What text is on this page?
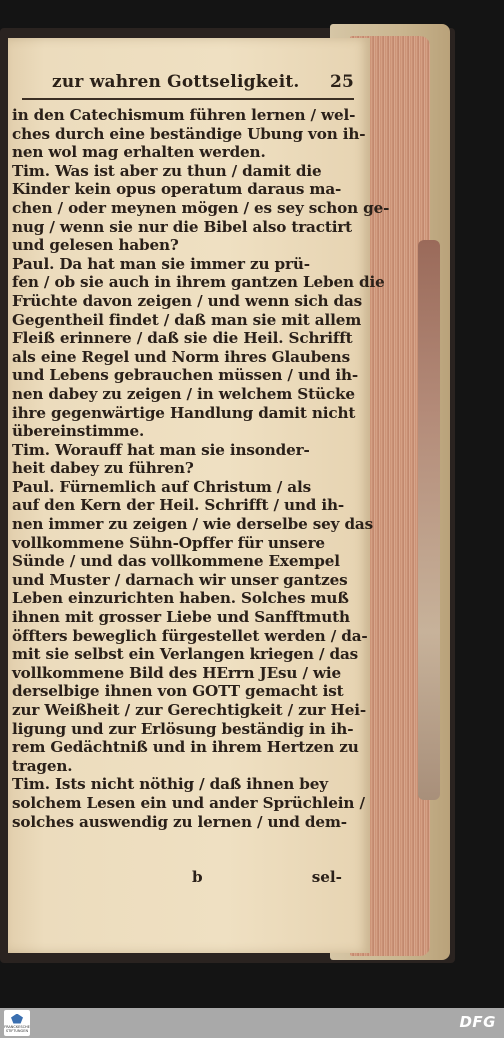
zur wahren Gottseligkeit. 25
in den Catechismum führen lernen / wel-
ches durch eine beständige Ubung von ih-
nen wol mag erhalten werden.
Tim. Was ist aber zu thun / damit die
Kinder kein opus operatum daraus ma-
chen / oder meynen mögen / es sey schon ge-
nug / wenn sie nur die Bibel also tractirt
und gelesen haben?
Paul. Da hat man sie immer zu prü-
fen / ob sie auch in ihrem gantzen Leben die
Früchte davon zeigen / und wenn sich das
Gegentheil findet / daß man sie mit allem
Fleiß erinnere / daß sie die Heil. Schrifft
als eine Regel und Norm ihres Glaubens
und Lebens gebrauchen müssen / und ih-
nen dabey zu zeigen / in welchem Stücke
ihre gegenwärtige Handlung damit nicht
übereinstimme.
Tim. Worauff hat man sie insonder-
heit dabey zu führen?
Paul. Fürnemlich auf Christum / als
auf den Kern der Heil. Schrifft / und ih-
nen immer zu zeigen / wie derselbe sey das
vollkommene Sühn-Opffer für unsere
Sünde / und das vollkommene Exempel
und Muster / darnach wir unser gantzes
Leben einzurichten haben. Solches muß
ihnen mit grosser Liebe und Sanfftmuth
öffters beweglich fürgestellet werden / da-
mit sie selbst ein Verlangen kriegen / das
vollkommene Bild des HErrn JEsu / wie
derselbige ihnen von GOTT gemacht ist
zur Weißheit / zur Gerechtigkeit / zur Hei-
ligung und zur Erlösung beständig in ih-
rem Gedächtniß und in ihrem Hertzen zu
tragen.
Tim. Ists nicht nöthig / daß ihnen bey
solchem Lesen ein und ander Sprüchlein /
solches auswendig zu lernen / und dem-
b	sel-
FRANCKESCHE STIFTUNGEN	DFG
